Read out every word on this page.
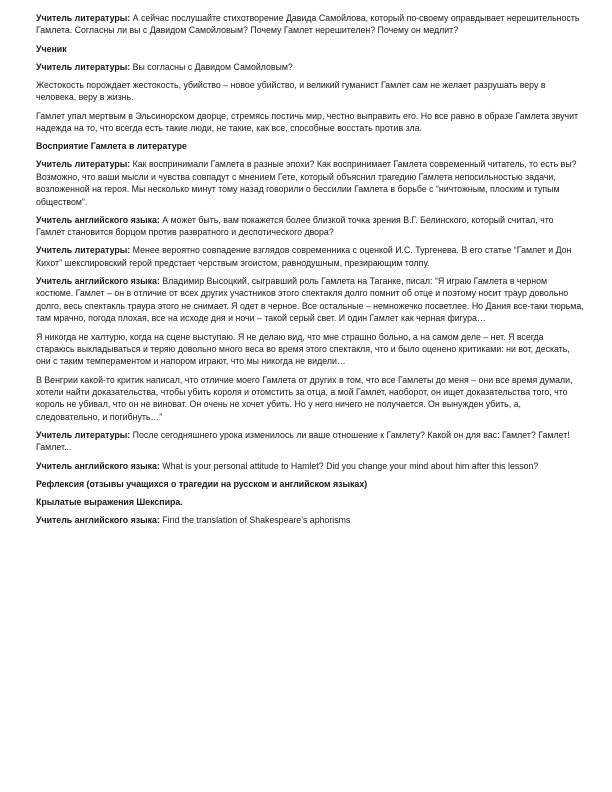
Учитель литературы: А сейчас послушайте стихотворение Давида Самойлова, который по-своему оправдывает нерешительность Гамлета. Согласны ли вы с Давидом Самойловым? Почему Гамлет нерешителен? Почему он медлит?

Ученик

Учитель литературы: Вы согласны с Давидом Самойловым?

Жестокость порождает жестокость, убийство – новое убийство, и великий гуманист Гамлет сам не желает разрушать веру в человека, веру в жизнь.

Гамлет упал мертвым в Эльсинорском дворце, стремясь постичь мир, честно выправить его. Но все равно в образе Гамлета звучит надежда на то, что всегда есть такие люди, не такие, как все, способные восстать против зла.

Восприятие Гамлета в литературе

Учитель литературы: Как воспринимали Гамлета в разные эпохи? Как воспринимает Гамлета современный читатель, то есть вы? Возможно, что ваши мысли и чувства совпадут с мнением Гете, который объяснил трагедию Гамлета непосильностью задачи, возложенной на героя. Мы несколько минут тому назад говорили о бессилии Гамлета в борьбе с “ничтожным, плоским и тупым обществом”.

Учитель английского языка: А может быть, вам покажется более близкой точка зрения В.Г. Белинского, который считал, что Гамлет становится борцом против развратного и деспотического двора?

Учитель литературы: Менее вероятно совпадение взглядов современника с оценкой И.С. Тургенева. В его статье “Гамлет и Дон Кихот” шекспировский герой предстает черствым эгоистом, равнодушным, презирающим толпу.

Учитель английского языка: Владимир Высоцкий, сыгравший роль Гамлета на Таганке, писал: “Я играю Гамлета в черном костюме. Гамлет – он в отличие от всех других участников этого спектакля долго помнит об отце и поэтому носит траур довольно долго, весь спектакль траура этого не снимает. Я одет в черное. Все остальные – немножечко посветлее. Но Дания все-таки тюрьма, там мрачно, погода плохая, все на исходе дня и ночи – такой серый свет. И один Гамлет как черная фигура…

Я никогда не халтурю, когда на сцене выступаю. Я не делаю вид, что мне страшно больно, а на самом деле – нет. Я всегда стараюсь выкладываться и теряю довольно много веса во время этого спектакля, что и было оценено критиками: ни вот, дескать, они с таким темпераментом и напором играют, что мы никогда не видели…

В Венгрии какой-то критик написал, что отличие моего Гамлета от других в том, что все Гамлеты до меня – они все время думали, хотели найти доказательства, чтобы убить короля и отомстить за отца, а мой Гамлет, наоборот, он ищет доказательства того, что король не убивал, что он не виноват. Он очень не хочет убить. Но у него ничего не получается. Он вынужден убить, а, следовательно, и погибнуть…”

Учитель литературы: После сегодняшнего урока изменилось ли ваше отношение к Гамлету? Какой он для вас: Гамлет? Гамлет! Гамлет...

Учитель английского языка: What is your personal attitude to Hamlet? Did you change your mind about him after this lesson?

Рефлексия (отзывы учащихся о трагедии на русском и английском языках)

Крылатые выражения Шекспира.

Учитель английского языка: Find the translation of Shakespeare’s aphorisms
